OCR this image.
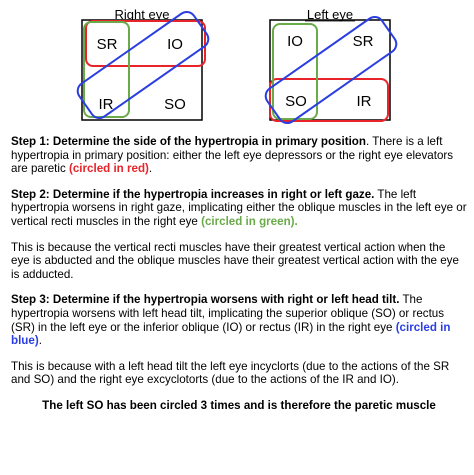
Right eye
SR	IO
IR	SO
Left eye
IO	SR
SO	IR

Step 1: Determine the side of the hypertropia in primary position. There is a left hypertropia in primary position: either the left eye depressors or the right eye elevators are paretic (circled in red).

Step 2: Determine if the hypertropia increases in right or left gaze. The left hypertropia worsens in right gaze, implicating either the oblique muscles in the left eye or vertical recti muscles in the right eye (circled in green).

This is because the vertical recti muscles have their greatest vertical action when the eye is abducted and the oblique muscles have their greatest vertical action with the eye is adducted.

Step 3: Determine if the hypertropia worsens with right or left head tilt. The hypertropia worsens with left head tilt, implicating the superior oblique (SO) or rectus (SR) in the left eye or the inferior oblique (IO) or rectus (IR) in the right eye (circled in blue).

This is because with a left head tilt the left eye incyclorts (due to the actions of the SR and SO) and the right eye excyclotorts (due to the actions of the IR and IO).

The left SO has been circled 3 times and is therefore the paretic muscle
